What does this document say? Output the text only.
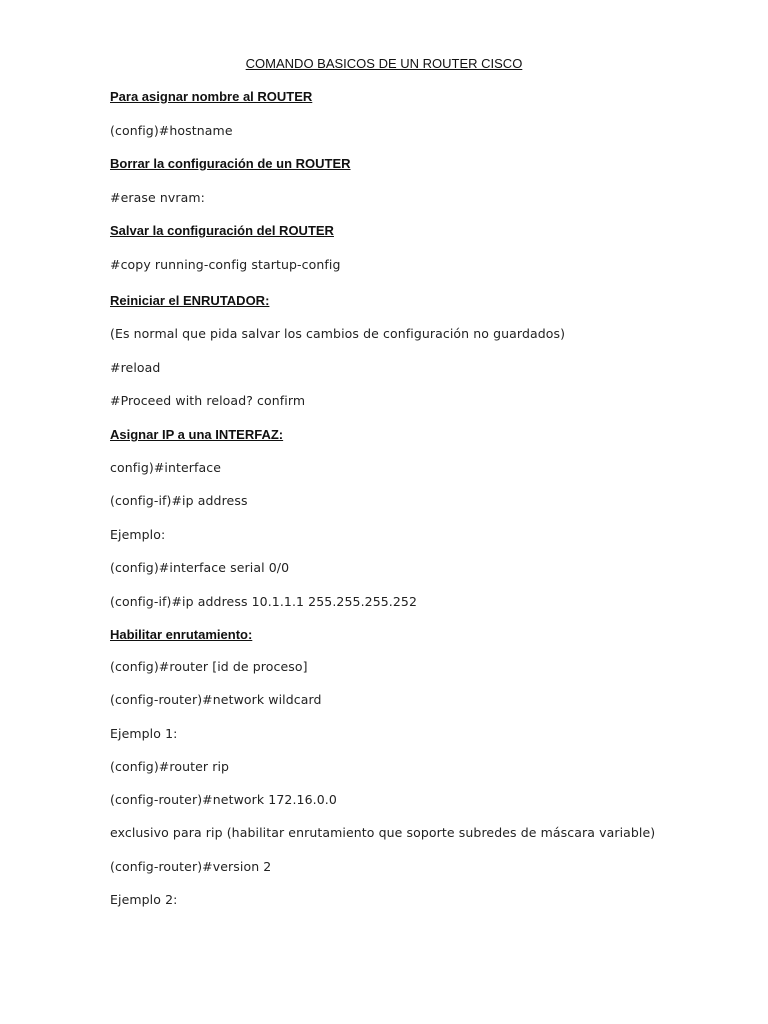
COMANDO BASICOS DE UN ROUTER CISCO
Para asignar nombre al ROUTER
(config)#hostname
Borrar la configuración de un ROUTER
#erase nvram:
Salvar la configuración del ROUTER
#copy running-config startup-config
Reiniciar el ENRUTADOR:
(Es normal que pida salvar los cambios de configuración no guardados)
#reload
#Proceed with reload? confirm
Asignar IP a una INTERFAZ:
config)#interface
(config-if)#ip address
Ejemplo:
(config)#interface serial 0/0
(config-if)#ip address 10.1.1.1 255.255.255.252
Habilitar enrutamiento:
(config)#router [id de proceso]
(config-router)#network wildcard
Ejemplo 1:
(config)#router rip
(config-router)#network 172.16.0.0
exclusivo para rip (habilitar enrutamiento que soporte subredes de máscara variable)
(config-router)#version 2
Ejemplo 2:
